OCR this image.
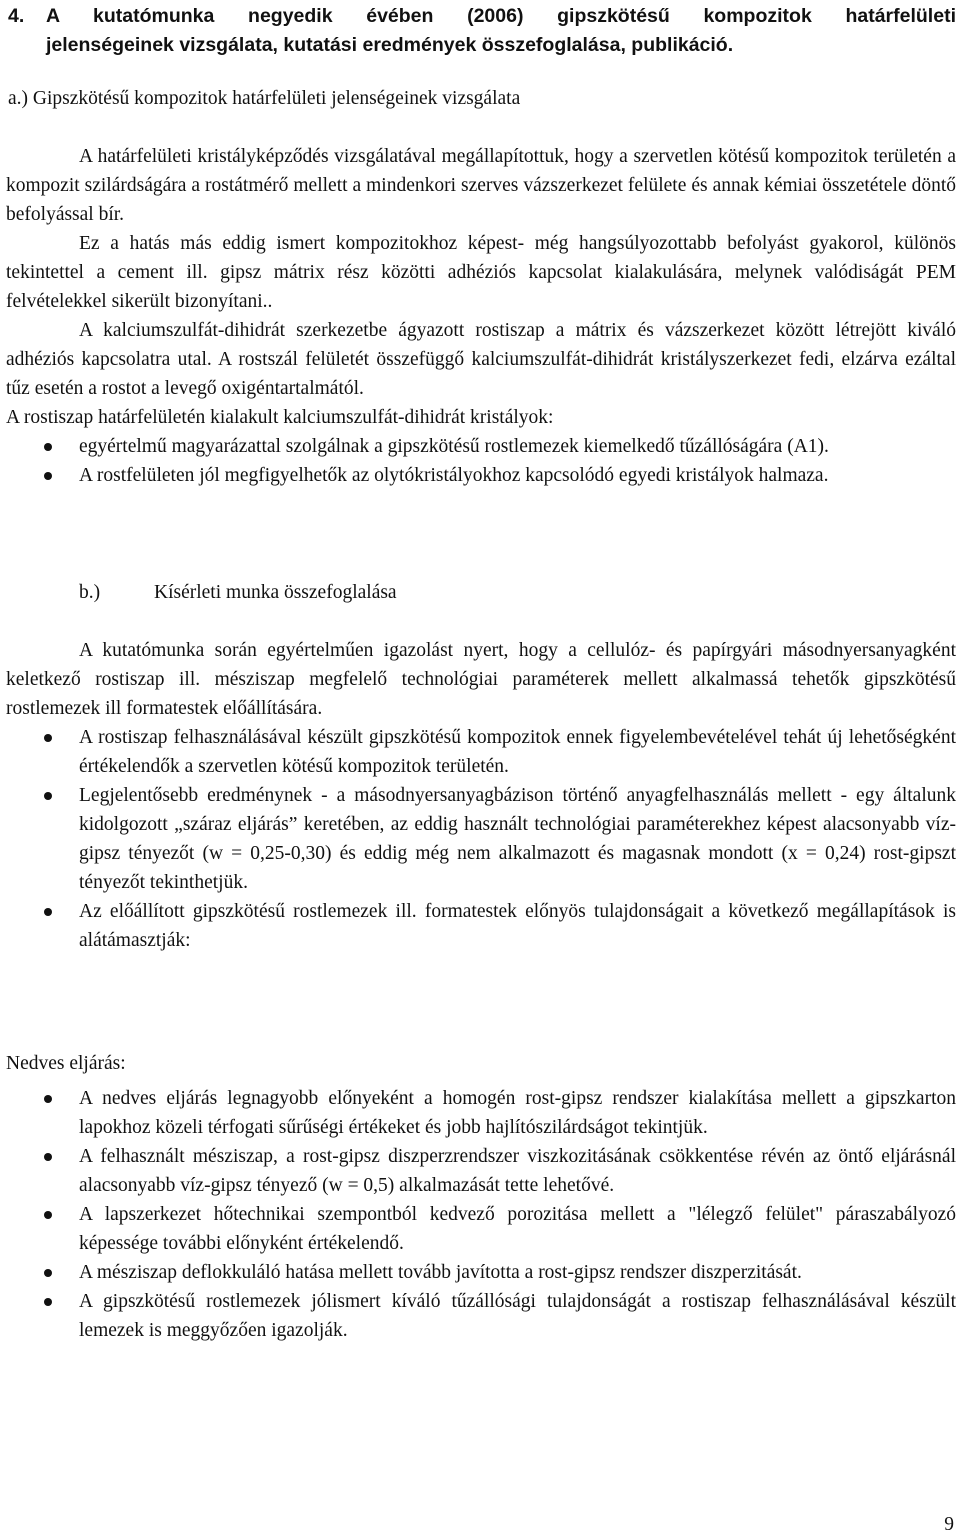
4. A kutatómunka negyedik évében (2006) gipszkötésű kompozitok határfelületi
jelenségeinek vizsgálata, kutatási eredmények összefoglalása, publikáció.
a.) Gipszkötésű kompozitok határfelületi jelenségeinek vizsgálata

A határfelületi kristályképződés vizsgálatával megállapítottuk, hogy a szervetlen kötésű kompozitok területén a kompozit szilárdságára a rostátmérő mellett a mindenkori szerves vázszerkezet felülete és annak kémiai összetétele döntő befolyással bír.

Ez a hatás más eddig ismert kompozitokhoz képest- még hangsúlyozottabb befolyást gyakorol, különös tekintettel a cement ill. gipsz mátrix rész közötti adhéziós kapcsolat kialakulására, melynek valódiságát PEM felvételekkel sikerült bizonyítani..

A kalciumszulfát-dihidrát szerkezetbe ágyazott rostiszap a mátrix és vázszerkezet között létrejött kiváló adhéziós kapcsolatra utal. A rostszál felületét összefüggő kalciumszulfát-dihidrát kristályszerkezet fedi, elzárva ezáltal tűz esetén a rostot a levegő oxigéntartalmától.

A rostiszap határfelületén kialakult kalciumszulfát-dihidrát kristályok:

egyértelmű magyarázattal szolgálnak a gipszkötésű rostlemezek kiemelkedő tűzállóságára (A1).
A rostfelületen jól megfigyelhetők az olytókristályokhoz kapcsolódó egyedi kristályok halmaza.
b.)	Kísérleti munka összefoglalása

A kutatómunka során egyértelműen igazolást nyert, hogy a cellulóz- és papírgyári másodnyersanyagként keletkező rostiszap ill. mésziszap megfelelő technológiai paraméterek mellett alkalmassá tehetők gipszkötésű rostlemezek ill formatestek előállítására.

A rostiszap felhasználásával készült gipszkötésű kompozitok ennek figyelembevételével tehát új lehetőségként értékelendők a szervetlen kötésű kompozitok területén.
Legjelentősebb eredménynek - a másodnyersanyagbázison történő anyagfelhasználás mellett - egy általunk kidolgozott „száraz eljárás” keretében, az eddig használt technológiai paraméterekhez képest alacsonyabb víz-gipsz tényezőt (w = 0,25-0,30) és eddig még nem alkalmazott és magasnak mondott (x = 0,24) rost-gipszt tényezőt tekinthetjük.
Az előállított gipszkötésű rostlemezek ill. formatestek előnyös tulajdonságait a következő megállapítások is alátámasztják:

Nedves eljárás:

A nedves eljárás legnagyobb előnyeként a homogén rost-gipsz rendszer kialakítása mellett a gipszkarton lapokhoz közeli térfogati sűrűségi értékeket és jobb hajlítószilárdságot tekintjük.
A felhasznált mésziszap, a rost-gipsz diszperzrendszer viszkozitásának csökkentése révén az öntő eljárásnál alacsonyabb víz-gipsz tényező (w = 0,5) alkalmazását tette lehetővé.
A lapszerkezet hőtechnikai szempontból kedvező porozitása mellett a "lélegző felület" páraszabályozó képessége további előnyként értékelendő.
A mésziszap deflokkuláló hatása mellett tovább javította a rost-gipsz rendszer diszperzitását.
A gipszkötésű rostlemezek jólismert kíváló tűzállósági tulajdonságát a rostiszap felhasználásával készült lemezek is meggyőzően igazolják.
9
